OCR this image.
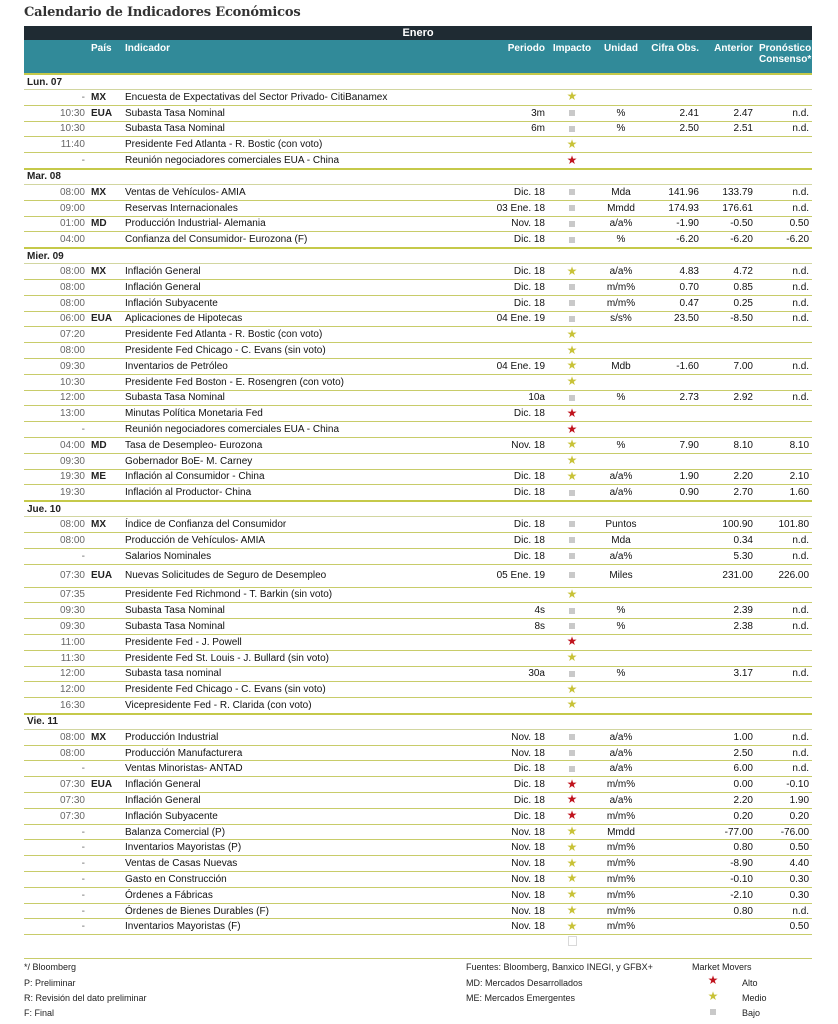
Calendario de Indicadores Económicos
Enero								
	País	Indicador	Periodo	Impacto	Unidad	Cifra Obs.	Anterior	Pronóstico
Consenso*

Lun. 07								
-	MX	Encuesta de Expectativas del Sector Privado- CitiBanamex		★				
10:30	EUA	Subasta Tasa Nominal	3m		%	2.41	2.47	n.d.
10:30		Subasta Tasa Nominal	6m		%	2.50	2.51	n.d.
11:40		Presidente Fed Atlanta - R. Bostic (con voto)		★				
-		Reunión negociadores comerciales EUA - China		★				
Mar. 08								
08:00	MX	Ventas de Vehículos- AMIA	Dic. 18		Mda	141.96	133.79	n.d.
09:00		Reservas Internacionales	03 Ene. 18		Mmdd	174.93	176.61	n.d.
01:00	MD	Producción Industrial- Alemania	Nov. 18		a/a%	-1.90	-0.50	0.50
04:00		Confianza del Consumidor- Eurozona (F)	Dic. 18		%	-6.20	-6.20	-6.20
Mier. 09								
08:00	MX	Inflación General	Dic. 18	★	a/a%	4.83	4.72	n.d.
08:00		Inflación General	Dic. 18		m/m%	0.70	0.85	n.d.
08:00		Inflación Subyacente	Dic. 18		m/m%	0.47	0.25	n.d.
06:00	EUA	Aplicaciones de Hipotecas	04 Ene. 19		s/s%	23.50	-8.50	n.d.
07:20		Presidente Fed Atlanta - R. Bostic (con voto)		★				
08:00		Presidente Fed Chicago - C. Evans (sin voto)		★				
09:30		Inventarios de Petróleo	04 Ene. 19	★	Mdb	-1.60	7.00	n.d.
10:30		Presidente Fed Boston - E. Rosengren (con voto)		★				
12:00		Subasta Tasa Nominal	10a		%	2.73	2.92	n.d.
13:00		Minutas Política Monetaria Fed	Dic. 18	★				
-		Reunión negociadores comerciales EUA - China		★				
04:00	MD	Tasa de Desempleo- Eurozona	Nov. 18	★	%	7.90	8.10	8.10
09:30		Gobernador BoE- M. Carney		★				
19:30	ME	Inflación al Consumidor - China	Dic. 18	★	a/a%	1.90	2.20	2.10
19:30		Inflación al Productor- China	Dic. 18		a/a%	0.90	2.70	1.60
Jue. 10								
08:00	MX	Índice de Confianza del Consumidor	Dic. 18		Puntos		100.90	101.80
08:00		Producción de Vehículos- AMIA	Dic. 18		Mda		0.34	n.d.
-		Salarios Nominales	Dic. 18		a/a%		5.30	n.d.
07:30	EUA	Nuevas Solicitudes de Seguro de Desempleo	05 Ene. 19		Miles		231.00	226.00
07:35		Presidente Fed Richmond - T. Barkin (sin voto)		★				
09:30		Subasta Tasa Nominal	4s		%		2.39	n.d.
09:30		Subasta Tasa Nominal	8s		%		2.38	n.d.
11:00		Presidente Fed - J. Powell		★				
11:30		Presidente Fed St. Louis - J. Bullard (sin voto)		★				
12:00		Subasta tasa nominal	30a		%		3.17	n.d.
12:00		Presidente Fed Chicago - C. Evans (sin voto)		★				
16:30		Vicepresidente Fed - R. Clarida (con voto)		★				
Vie. 11								
08:00	MX	Producción Industrial	Nov. 18		a/a%		1.00	n.d.
08:00		Producción Manufacturera	Nov. 18		a/a%		2.50	n.d.
-		Ventas Minoristas- ANTAD	Dic. 18		a/a%		6.00	n.d.
07:30	EUA	Inflación General	Dic. 18	★	m/m%		0.00	-0.10
07:30		Inflación General	Dic. 18	★	a/a%		2.20	1.90
07:30		Inflación Subyacente	Dic. 18	★	m/m%		0.20	0.20
-		Balanza Comercial (P)	Nov. 18	★	Mmdd		-77.00	-76.00
-		Inventarios Mayoristas (P)	Nov. 18	★	m/m%		0.80	0.50
-		Ventas de Casas Nuevas	Nov. 18	★	m/m%		-8.90	4.40
-		Gasto en Construcción	Nov. 18	★	m/m%		-0.10	0.30
-		Órdenes a Fábricas	Nov. 18	★	m/m%		-2.10	0.30
-		Órdenes de Bienes Durables (F)	Nov. 18	★	m/m%		0.80	n.d.
-		Inventarios Mayoristas (F)	Nov. 18	★	m/m%			0.50

*/ Bloomberg
P: Preliminar
R: Revisión del dato preliminar
F: Final
Fuentes: Bloomberg, Banxico INEGI, y GFBX+
MD: Mercados Desarrollados
ME: Mercados Emergentes
Market Movers
★	Alto
★	Medio
Bajo
